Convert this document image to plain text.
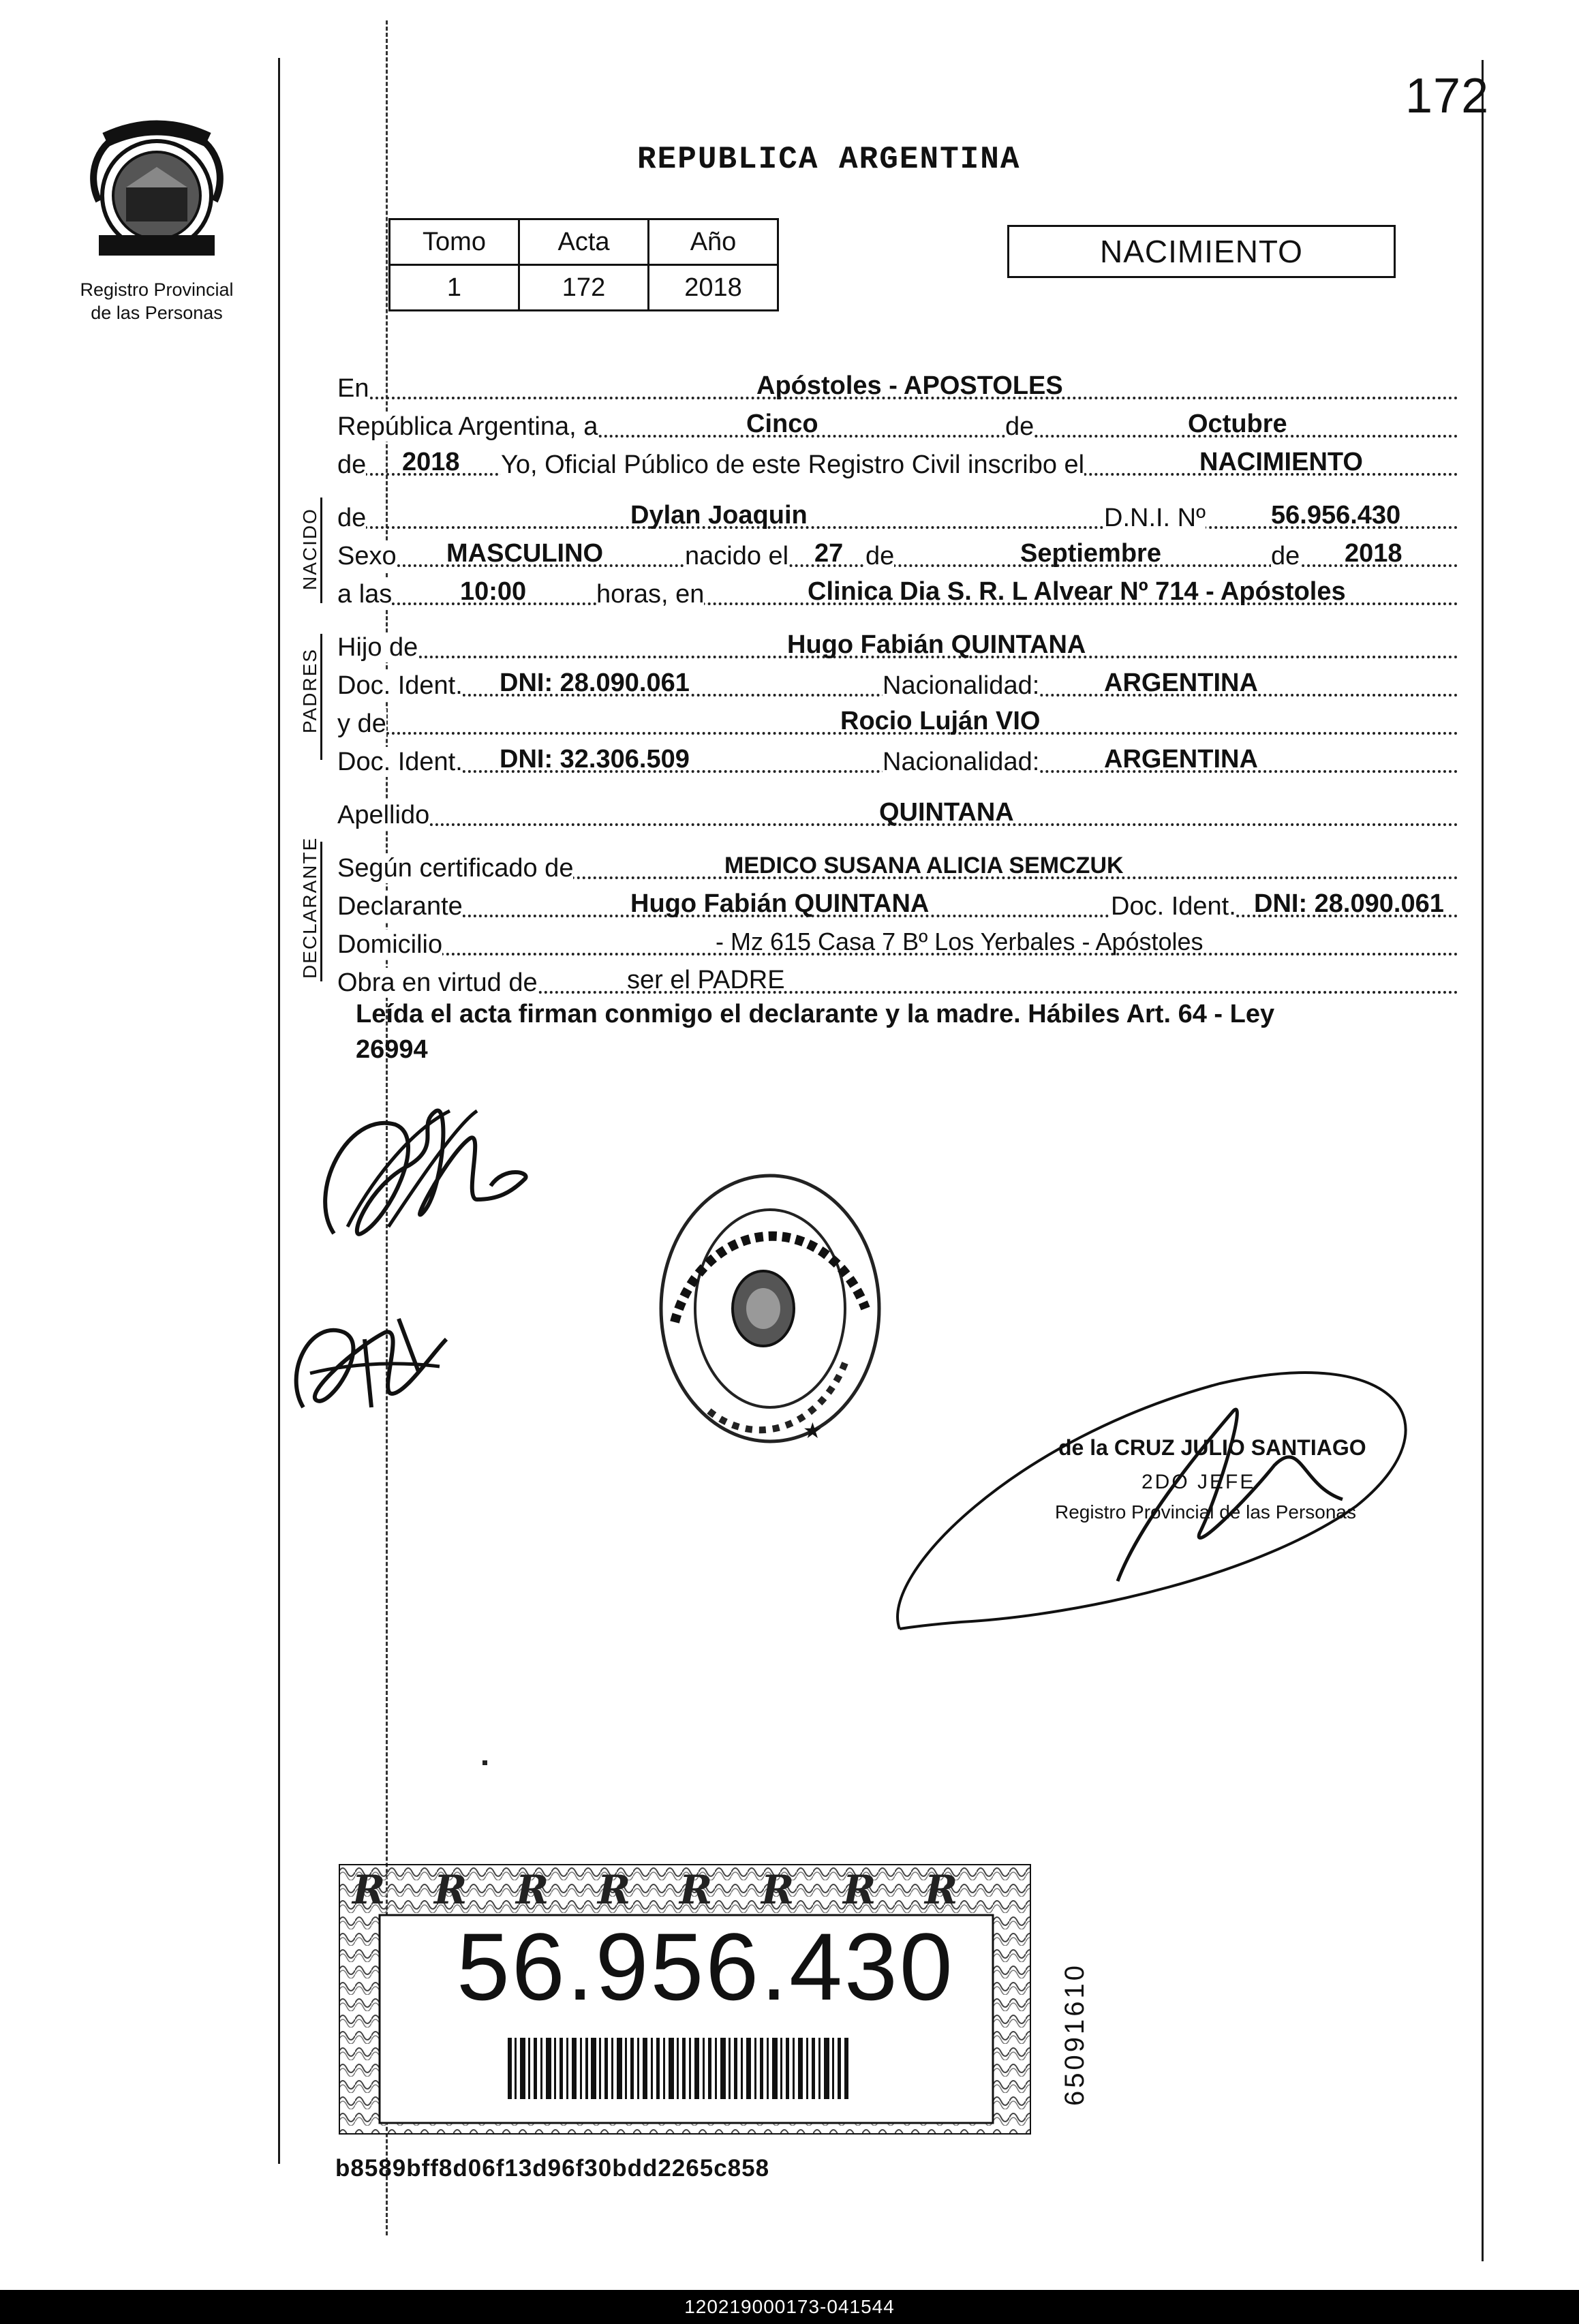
172
Registro Provincial
de las Personas
REPUBLICA ARGENTINA
Tomo	Acta	Año
1	172	2018
NACIMIENTO
NACIDO
PADRES
DECLARANTE
En	Apóstoles - APOSTOLES
República Argentina, a	Cinco	de	Octubre
de 2018 Yo, Oficial Público de este Registro Civil inscribo el	NACIMIENTO
de	Dylan Joaquin	D.N.I. Nº	56.956.430
Sexo MASCULINO	nacido el 27 de	Septiembre	de 2018
a las	10:00	horas, en	Clinica Dia S. R. L Alvear Nº 714 - Apóstoles
Hijo de	Hugo Fabián QUINTANA
Doc. Ident. DNI: 28.090.061	Nacionalidad: ARGENTINA
y de	Rocio Luján VIO
Doc. Ident. DNI: 32.306.509	Nacionalidad: ARGENTINA
Apellido	QUINTANA
Según certificado de	MEDICO SUSANA ALICIA SEMCZUK
Declarante	Hugo Fabián QUINTANA	Doc. Ident. DNI: 28.090.061
Domicilio	- Mz 615 Casa 7 Bº Los Yerbales - Apóstoles
Obra en virtud de	ser el PADRE
Leída el acta firman conmigo el declarante y la madre. Hábiles Art. 64 - Ley
26994
★
de la CRUZ JULIO SANTIAGO
2DO JEFE
Registro Provincial de las Personas
R R R R R R R R
56.956.430	65091610
b8589bff8d06f13d96f30bdd2265c858
120219000173-041544
